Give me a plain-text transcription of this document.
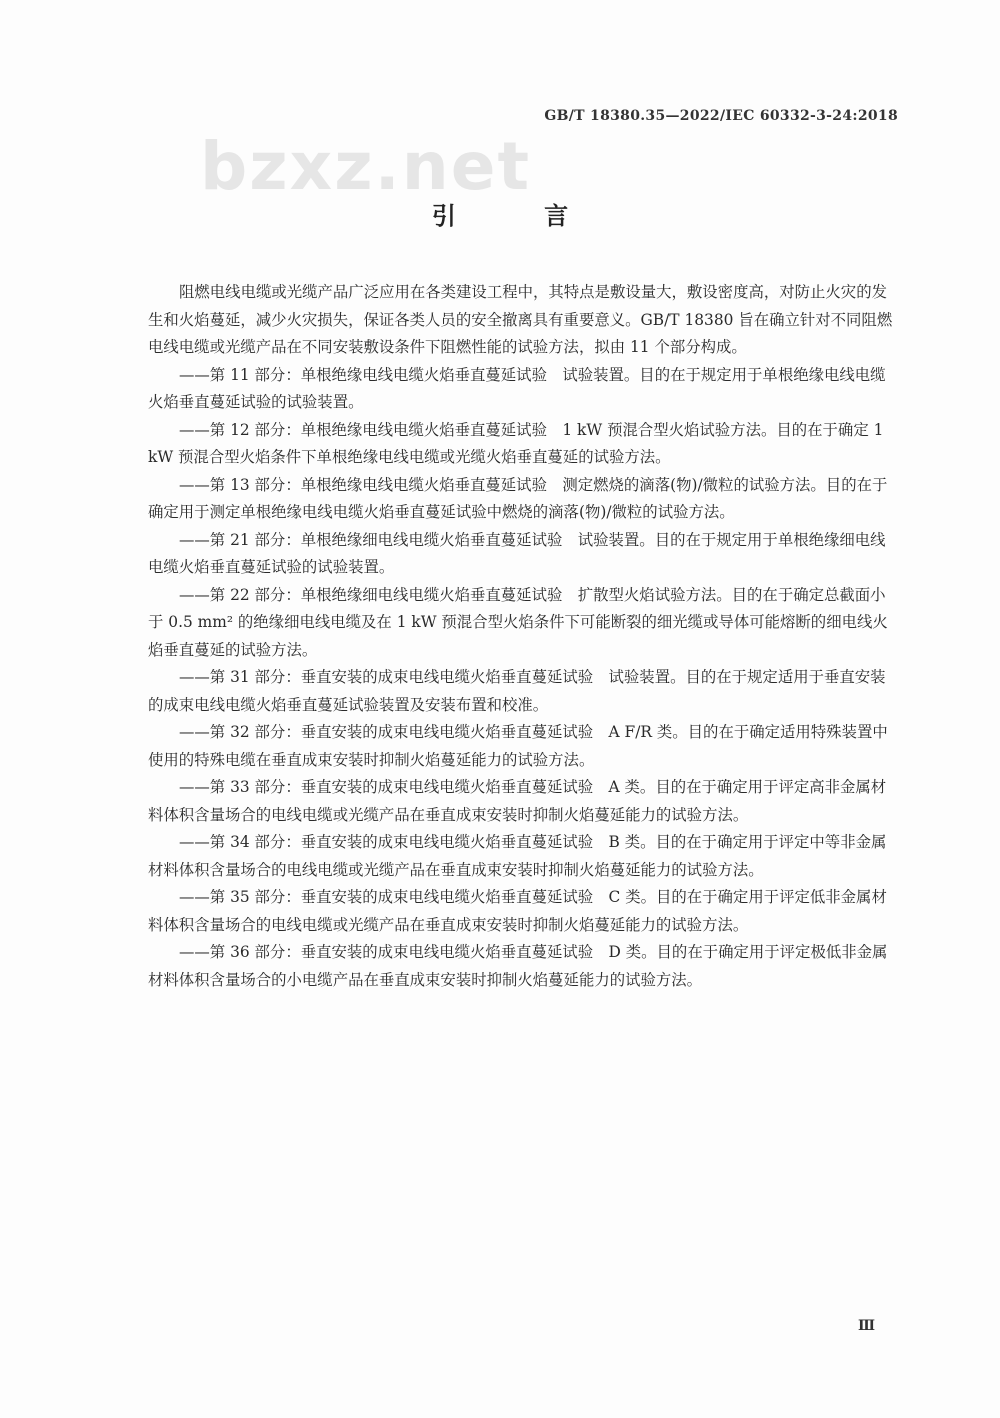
GB/T 18380.35—2022/IEC 60332-3-24:2018
bzxz.net
引 言

阻燃电线电缆或光缆产品广泛应用在各类建设工程中，其特点是敷设量大，敷设密度高，对防止火灾的发生和火焰蔓延，减少火灾损失，保证各类人员的安全撤离具有重要意义。GB/T 18380 旨在确立针对不同阻燃电线电缆或光缆产品在不同安装敷设条件下阻燃性能的试验方法，拟由 11 个部分构成。

——第 11 部分：单根绝缘电线电缆火焰垂直蔓延试验　试验装置。目的在于规定用于单根绝缘电线电缆火焰垂直蔓延试验的试验装置。

——第 12 部分：单根绝缘电线电缆火焰垂直蔓延试验　1 kW 预混合型火焰试验方法。目的在于确定 1 kW 预混合型火焰条件下单根绝缘电线电缆或光缆火焰垂直蔓延的试验方法。

——第 13 部分：单根绝缘电线电缆火焰垂直蔓延试验　测定燃烧的滴落(物)/微粒的试验方法。目的在于确定用于测定单根绝缘电线电缆火焰垂直蔓延试验中燃烧的滴落(物)/微粒的试验方法。

——第 21 部分：单根绝缘细电线电缆火焰垂直蔓延试验　试验装置。目的在于规定用于单根绝缘细电线电缆火焰垂直蔓延试验的试验装置。

——第 22 部分：单根绝缘细电线电缆火焰垂直蔓延试验　扩散型火焰试验方法。目的在于确定总截面小于 0.5 mm² 的绝缘细电线电缆及在 1 kW 预混合型火焰条件下可能断裂的细光缆或导体可能熔断的细电线火焰垂直蔓延的试验方法。

——第 31 部分：垂直安装的成束电线电缆火焰垂直蔓延试验　试验装置。目的在于规定适用于垂直安装的成束电线电缆火焰垂直蔓延试验装置及安装布置和校准。

——第 32 部分：垂直安装的成束电线电缆火焰垂直蔓延试验　A F/R 类。目的在于确定适用特殊装置中使用的特殊电缆在垂直成束安装时抑制火焰蔓延能力的试验方法。

——第 33 部分：垂直安装的成束电线电缆火焰垂直蔓延试验　A 类。目的在于确定用于评定高非金属材料体积含量场合的电线电缆或光缆产品在垂直成束安装时抑制火焰蔓延能力的试验方法。

——第 34 部分：垂直安装的成束电线电缆火焰垂直蔓延试验　B 类。目的在于确定用于评定中等非金属材料体积含量场合的电线电缆或光缆产品在垂直成束安装时抑制火焰蔓延能力的试验方法。

——第 35 部分：垂直安装的成束电线电缆火焰垂直蔓延试验　C 类。目的在于确定用于评定低非金属材料体积含量场合的电线电缆或光缆产品在垂直成束安装时抑制火焰蔓延能力的试验方法。

——第 36 部分：垂直安装的成束电线电缆火焰垂直蔓延试验　D 类。目的在于确定用于评定极低非金属材料体积含量场合的小电缆产品在垂直成束安装时抑制火焰蔓延能力的试验方法。

Ⅲ
